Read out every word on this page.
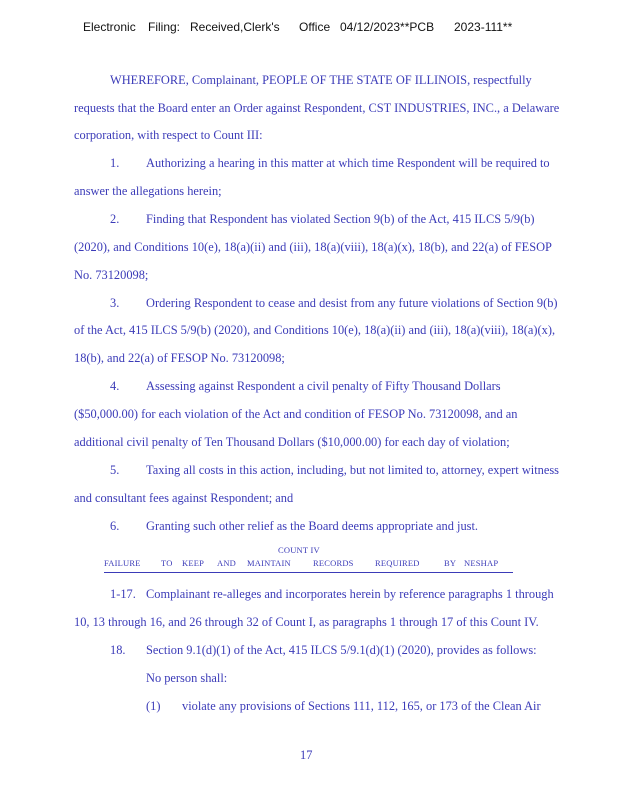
Electronic Filing: Received,Clerk's Office 04/12/2023**PCB 2023-111**
WHEREFORE, Complainant, PEOPLE OF THE STATE OF ILLINOIS, respectfully
requests that the Board enter an Order against Respondent, CST INDUSTRIES, INC., a Delaware
corporation, with respect to Count III:
1. Authorizing a hearing in this matter at which time Respondent will be required to
answer the allegations herein;
2. Finding that Respondent has violated Section 9(b) of the Act, 415 ILCS 5/9(b)
(2020), and Conditions 10(e), 18(a)(ii) and (iii), 18(a)(viii), 18(a)(x), 18(b), and 22(a) of FESOP
No. 73120098;
3. Ordering Respondent to cease and desist from any future violations of Section 9(b)
of the Act, 415 ILCS 5/9(b) (2020), and Conditions 10(e), 18(a)(ii) and (iii), 18(a)(viii), 18(a)(x),
18(b), and 22(a) of FESOP No. 73120098;
4. Assessing against Respondent a civil penalty of Fifty Thousand Dollars
($50,000.00) for each violation of the Act and condition of FESOP No. 73120098, and an
additional civil penalty of Ten Thousand Dollars ($10,000.00) for each day of violation;
5. Taxing all costs in this action, including, but not limited to, attorney, expert witness
and consultant fees against Respondent; and
6. Granting such other relief as the Board deems appropriate and just.
COUNT IV
FAILURE TO KEEP AND MAINTAIN	RECORDS	REQUIRED	BY NESHAP
1-17. Complainant re-alleges and incorporates herein by reference paragraphs 1 through
10, 13 through 16, and 26 through 32 of Count I, as paragraphs 1 through 17 of this Count IV.
18. Section 9.1(d)(1) of the Act, 415 ILCS 5/9.1(d)(1) (2020), provides as follows:
No person shall:
(1) violate any provisions of Sections 111, 112, 165, or 173 of the Clean Air
17
